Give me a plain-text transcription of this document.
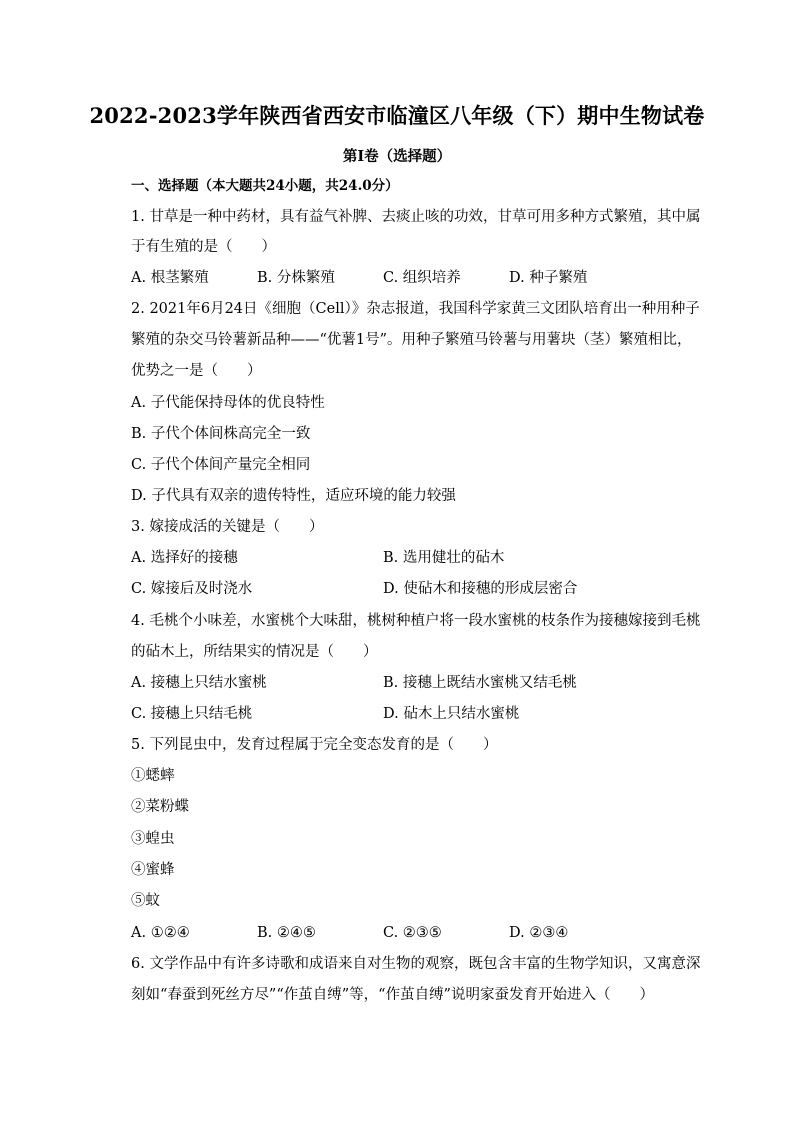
2022-2023学年陕西省西安市临潼区八年级（下）期中生物试卷
第Ⅰ卷（选择题）
一、选择题（本大题共24小题，共24.0分）
1. 甘草是一种中药材，具有益气补脾、去痰止咳的功效，甘草可用多种方式繁殖，其中属
于有生殖的是（　　）
A. 根茎繁殖	B. 分株繁殖	C. 组织培养	D. 种子繁殖
2. 2021年6月24日《细胞（Cell）》杂志报道，我国科学家黄三文团队培育出一种用种子
繁殖的杂交马铃薯新品种——“优薯1号”。用种子繁殖马铃薯与用薯块（茎）繁殖相比，
优势之一是（　　）
A. 子代能保持母体的优良特性
B. 子代个体间株高完全一致
C. 子代个体间产量完全相同
D. 子代具有双亲的遗传特性，适应环境的能力较强
3. 嫁接成活的关键是（　　）
A. 选择好的接穗	B. 选用健壮的砧木
C. 嫁接后及时浇水	D. 使砧木和接穗的形成层密合
4. 毛桃个小味差，水蜜桃个大味甜，桃树种植户将一段水蜜桃的枝条作为接穗嫁接到毛桃
的砧木上，所结果实的情况是（　　）
A. 接穗上只结水蜜桃	B. 接穗上既结水蜜桃又结毛桃
C. 接穗上只结毛桃	D. 砧木上只结水蜜桃
5. 下列昆虫中，发育过程属于完全变态发育的是（　　）
①蟋蟀
②菜粉蝶
③蝗虫
④蜜蜂
⑤蚊
A. ①②④	B. ②④⑤	C. ②③⑤	D. ②③④
6. 文学作品中有许多诗歌和成语来自对生物的观察，既包含丰富的生物学知识，又寓意深
刻如“春蚕到死丝方尽”“作茧自缚”等，“作茧自缚”说明家蚕发育开始进入（　　）
